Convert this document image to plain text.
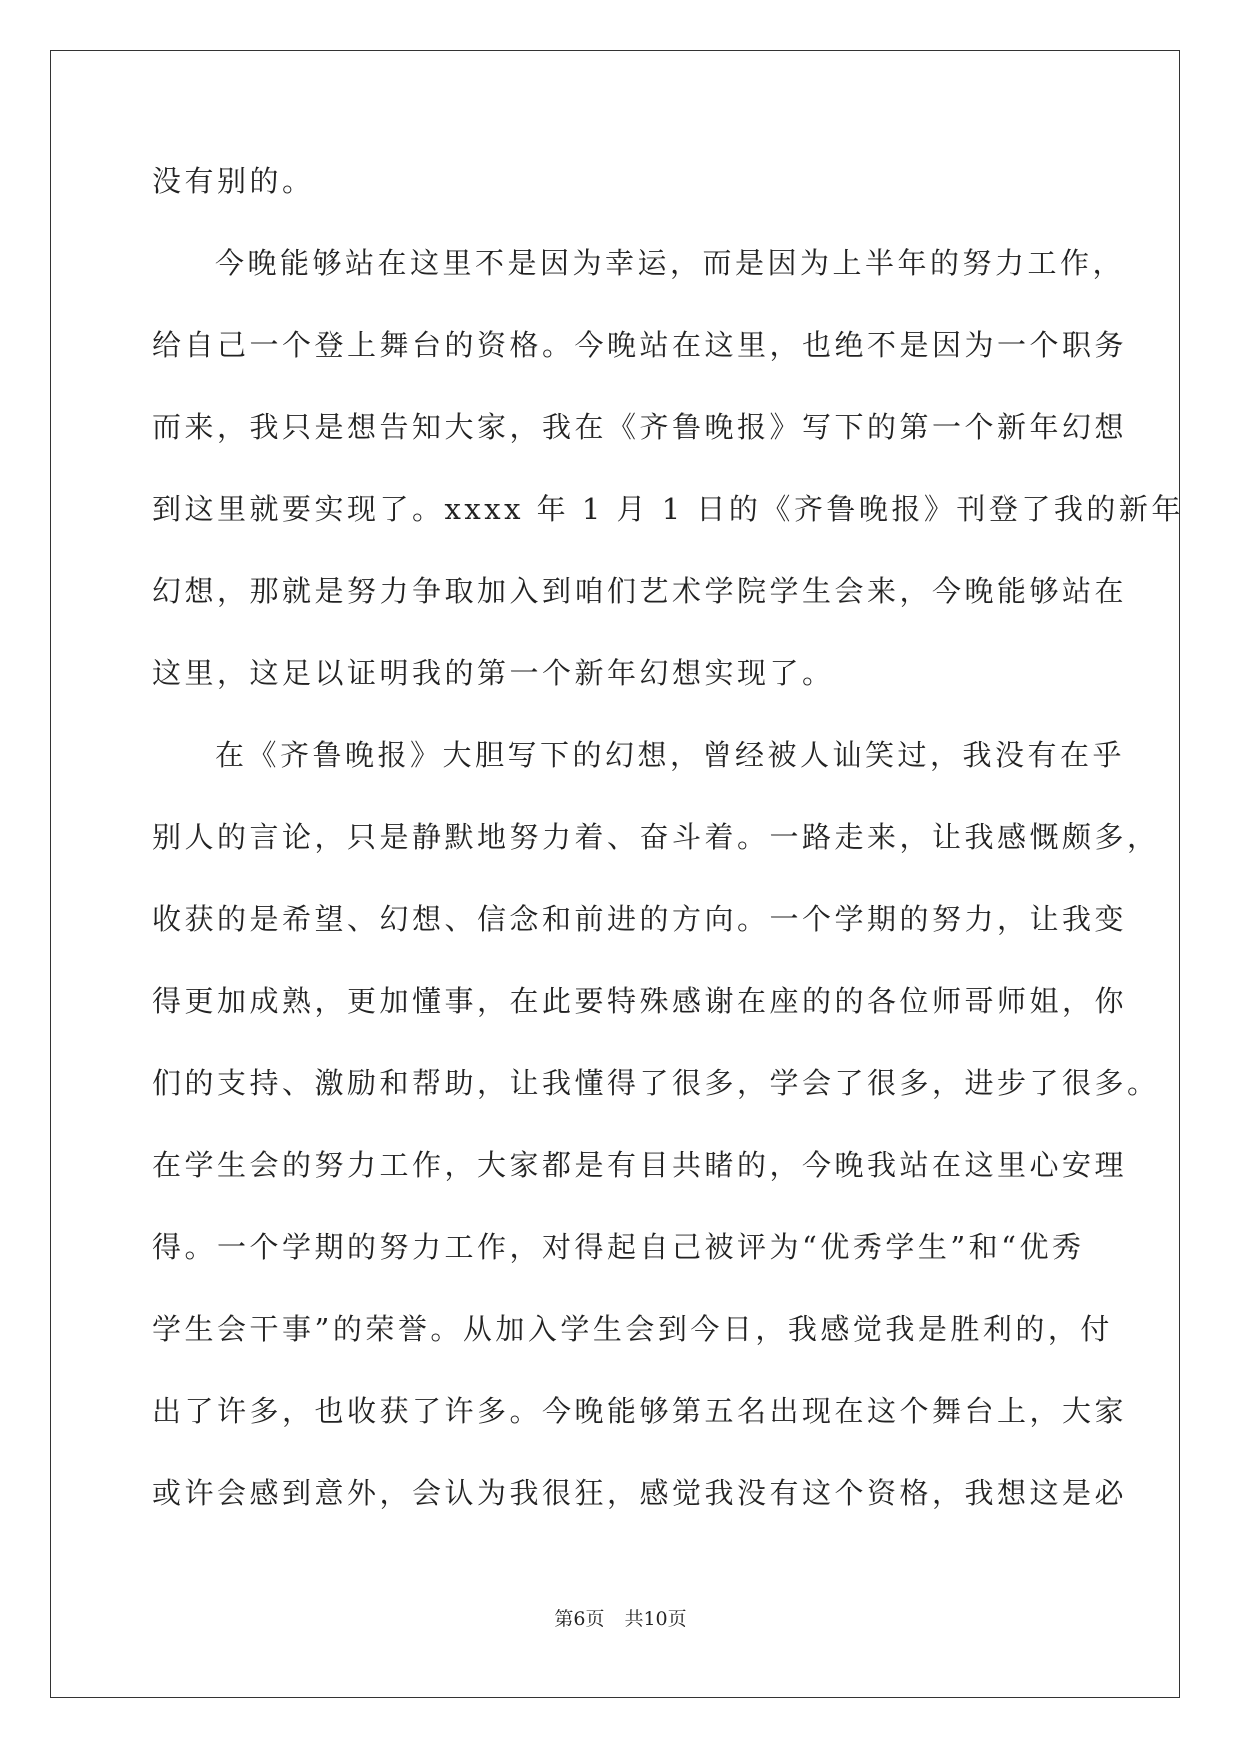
没有别的。
今晚能够站在这里不是因为幸运，而是因为上半年的努力工作，
给自己一个登上舞台的资格。今晚站在这里，也绝不是因为一个职务
而来，我只是想告知大家，我在《齐鲁晚报》写下的第一个新年幻想
到这里就要实现了。xxxx 年 1 月 1 日的《齐鲁晚报》刊登了我的新年
幻想，那就是努力争取加入到咱们艺术学院学生会来，今晚能够站在
这里，这足以证明我的第一个新年幻想实现了。
在《齐鲁晚报》大胆写下的幻想，曾经被人讪笑过，我没有在乎
别人的言论，只是静默地努力着、奋斗着。一路走来，让我感慨颇多，
收获的是希望、幻想、信念和前进的方向。一个学期的努力，让我变
得更加成熟，更加懂事，在此要特殊感谢在座的的各位师哥师姐，你
们的支持、激励和帮助，让我懂得了很多，学会了很多，进步了很多。
在学生会的努力工作，大家都是有目共睹的，今晚我站在这里心安理
得。一个学期的努力工作，对得起自己被评为“优秀学生”和“优秀
学生会干事”的荣誉。从加入学生会到今日，我感觉我是胜利的，付
出了许多，也收获了许多。今晚能够第五名出现在这个舞台上，大家
或许会感到意外，会认为我很狂，感觉我没有这个资格，我想这是必
第6页 共10页
